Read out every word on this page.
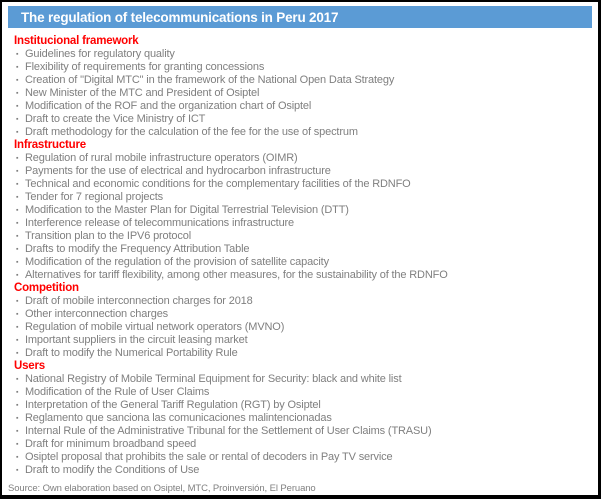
The regulation of telecommunications in Peru 2017
Institucional framework
▪ Guidelines for regulatory quality
▪ Flexibility of requirements for granting concessions
▪ Creation of "Digital MTC" in the framework of the National Open Data Strategy
▪ New Minister of the MTC and President of Osiptel
▪ Modification of the ROF and the organization chart of Osiptel
▪ Draft to create the Vice Ministry of ICT
▪ Draft methodology for the calculation of the fee for the use of spectrum
Infrastructure
▪ Regulation of rural mobile infrastructure operators (OIMR)
▪ Payments for the use of electrical and hydrocarbon infrastructure
▪ Technical and economic conditions for the complementary facilities of the RDNFO
▪ Tender for 7 regional projects
▪ Modification to the Master Plan for Digital Terrestrial Television (DTT)
▪ Interference release of telecommunications infrastructure
▪ Transition plan to the IPV6 protocol
▪ Drafts to modify the Frequency Attribution Table
▪ Modification of the regulation of the provision of satellite capacity
▪ Alternatives for tariff flexibility, among other measures, for the sustainability of the RDNFO
Competition
▪ Draft of mobile interconnection charges for 2018
▪ Other interconnection charges
▪ Regulation of mobile virtual network operators (MVNO)
▪ Important suppliers in the circuit leasing market
▪ Draft to modify the Numerical Portability Rule
Users
▪ National Registry of Mobile Terminal Equipment for Security: black and white list
▪ Modification of the Rule of User Claims
▪ Interpretation of the General Tariff Regulation (RGT) by Osiptel
▪ Reglamento que sanciona las comunicaciones malintencionadas
▪ Internal Rule of the Administrative Tribunal for the Settlement of User Claims (TRASU)
▪ Draft for minimum broadband speed
▪ Osiptel proposal that prohibits the sale or rental of decoders in Pay TV service
▪ Draft to modify the Conditions of Use
Source: Own elaboration based on Osiptel, MTC, Proinversión, El Peruano
